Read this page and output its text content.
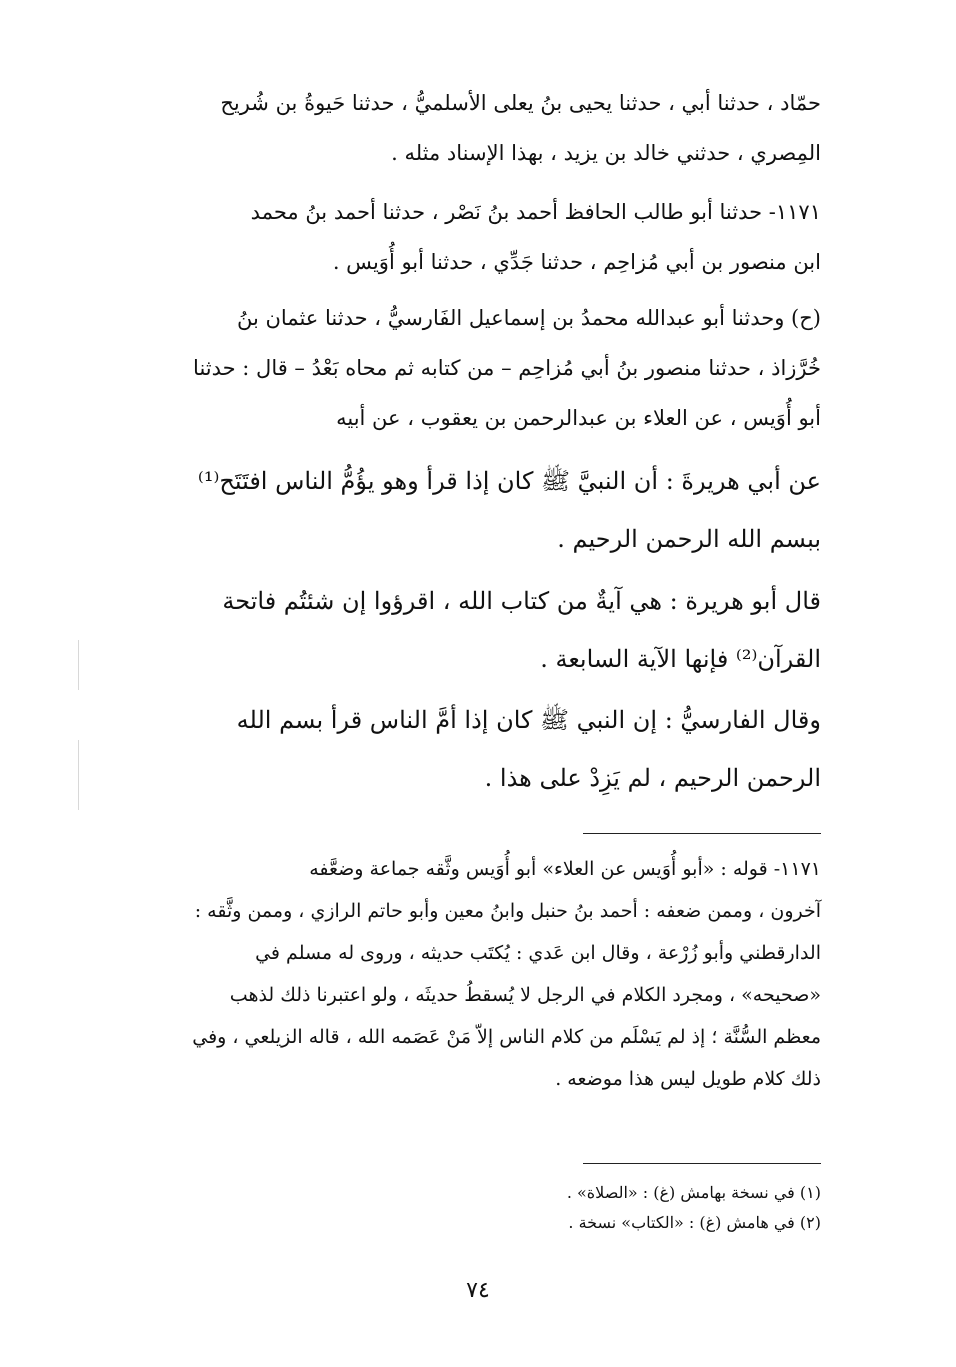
حمّاد ، حدثنا أبي ، حدثنا يحيى بنُ يعلى الأسلميُّ ، حدثنا حَيوةُ بن شُريح

المِصري ، حدثني خالد بن يزيد ، بهذا الإسناد مثله .

١١٧١- حدثنا أبو طالب الحافظ أحمد بنُ نَصْر ، حدثنا أحمد بنُ محمد

ابن منصور بن أبي مُزاحِم ، حدثنا جَدِّي ، حدثنا أبو أُوَيس .

(ح) وحدثنا أبو عبدالله محمدُ بن إسماعيل الفَارسيُّ ، حدثنا عثمان بنُ

خُرَّزاذ ، حدثنا منصور بنُ أبي مُزاحِم – من كتابه ثم محاه بَعْدُ – قال : حدثنا

أبو أُوَيس ، عن العلاء بن عبدالرحمن بن يعقوب ، عن أبيه

عن أبي هريرةَ : أن النبيَّ ﷺ كان إذا قرأ وهو يؤُمُّ الناس افتَتَح⁽¹⁾

ببسم الله الرحمن الرحيم .

قال أبو هريرة : هي آيةٌ من كتاب الله ، اقرؤوا إن شئتُم فاتحة

القرآن⁽²⁾ فإنها الآية السابعة .

وقال الفارسيُّ : إن النبي ﷺ كان إذا أمَّ الناس قرأ بسم الله

الرحمن الرحيم ، لم يَزِدْ على هذا .

١١٧١- قوله : «أبو أُوَيس عن العلاء» أبو أُوَيس وثَّقه جماعة وضعَّفه

آخرون ، وممن ضعفه : أحمد بنُ حنبل وابنُ معين وأبو حاتم الرازي ، وممن وثَّقه :

الدارقطني وأبو زُرْعة ، وقال ابن عَدي : يُكتَب حديثه ، وروى له مسلم في

«صحيحه» ، ومجرد الكلام في الرجل لا يُسقطُ حديثَه ، ولو اعتبرنا ذلك لذهب

معظم السُّنَّة ؛ إذ لم يَسْلَم من كلام الناس إلاّ مَنْ عَصَمه الله ، قاله الزيلعي ، وفي

ذلك كلام طويل ليس هذا موضعه .

(١) في نسخة بهامش (غ) : «الصلاة» .

(٢) في هامش (غ) : «الكتاب» نسخة .

٧٤
